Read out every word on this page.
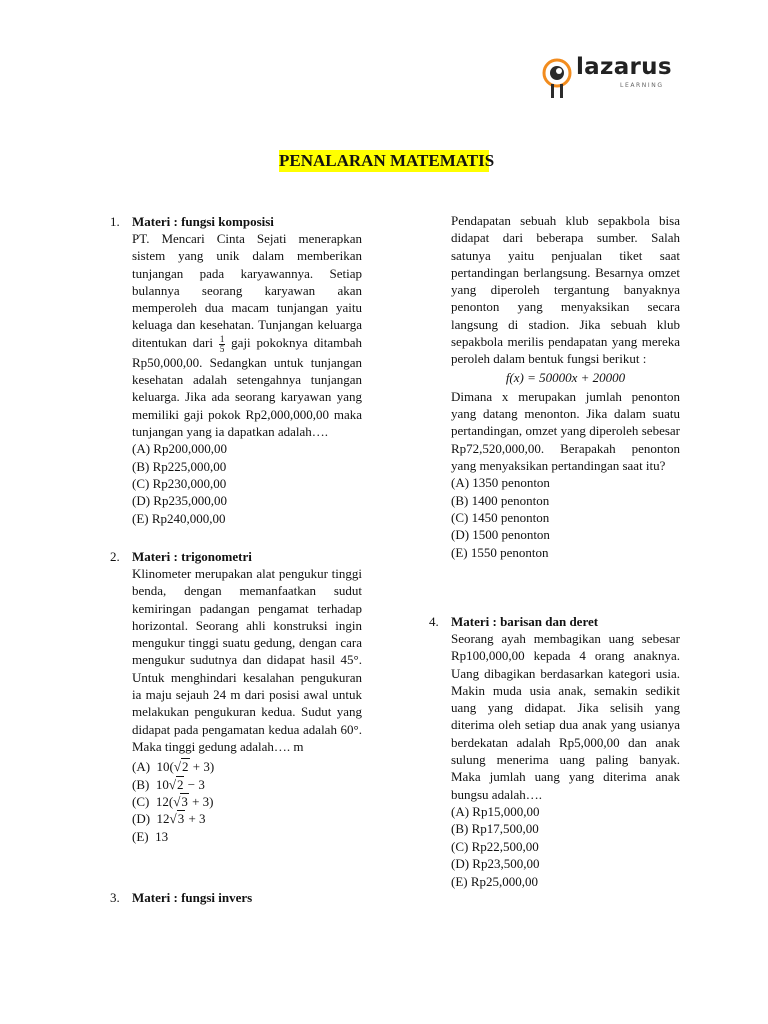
lazarus
LEARNING
PENALARAN MATEMATIS
1. Materi : fungsi komposisi
PT. Mencari Cinta Sejati menerapkan sistem yang unik dalam memberikan tunjangan pada karyawannya. Setiap bulannya seorang karyawan akan memperoleh dua macam tunjangan yaitu keluaga dan kesehatan. Tunjangan keluarga ditentukan dari $\frac{1}{5}$ gaji pokoknya ditambah Rp50,000,00. Sedangkan untuk tunjangan kesehatan adalah setengahnya tunjangan keluarga. Jika ada seorang karyawan yang memiliki gaji pokok Rp2,000,000,00 maka tunjangan yang ia dapatkan adalah….
(A) Rp200,000,00
(B) Rp225,000,00
(C) Rp230,000,00
(D) Rp235,000,00
(E) Rp240,000,00
2. Materi : trigonometri
Klinometer merupakan alat pengukur tinggi benda, dengan memanfaatkan sudut kemiringan padangan pengamat terhadap horizontal. Seorang ahli konstruksi ingin mengukur tinggi suatu gedung, dengan cara mengukur sudutnya dan didapat hasil 45°. Untuk menghindari kesalahan pengukuran ia maju sejauh 24 m dari posisi awal untuk melakukan pengukuran kedua. Sudut yang didapat pada pengamatan kedua adalah 60°. Maka tinggi gedung adalah…. m
(A) 10(√2 + 3)
(B) 10√2 − 3
(C) 12(√3 + 3)
(D) 12√3 + 3
(E) 13
3. Materi : fungsi invers
Pendapatan sebuah klub sepakbola bisa didapat dari beberapa sumber. Salah satunya yaitu penjualan tiket saat pertandingan berlangsung. Besarnya omzet yang diperoleh tergantung banyaknya penonton yang menyaksikan secara langsung di stadion. Jika sebuah klub sepakbola merilis pendapatan yang mereka peroleh dalam bentuk fungsi berikut :
f(x) = 50000x + 20000
Dimana x merupakan jumlah penonton yang datang menonton. Jika dalam suatu pertandingan, omzet yang diperoleh sebesar Rp72,520,000,00. Berapakah penonton yang menyaksikan pertandingan saat itu?
(A) 1350 penonton
(B) 1400 penonton
(C) 1450 penonton
(D) 1500 penonton
(E) 1550 penonton
4. Materi : barisan dan deret
Seorang ayah membagikan uang sebesar Rp100,000,00 kepada 4 orang anaknya. Uang dibagikan berdasarkan kategori usia. Makin muda usia anak, semakin sedikit uang yang didapat. Jika selisih yang diterima oleh setiap dua anak yang usianya berdekatan adalah Rp5,000,00 dan anak sulung menerima uang paling banyak. Maka jumlah uang yang diterima anak bungsu adalah….
(A) Rp15,000,00
(B) Rp17,500,00
(C) Rp22,500,00
(D) Rp23,500,00
(E) Rp25,000,00
